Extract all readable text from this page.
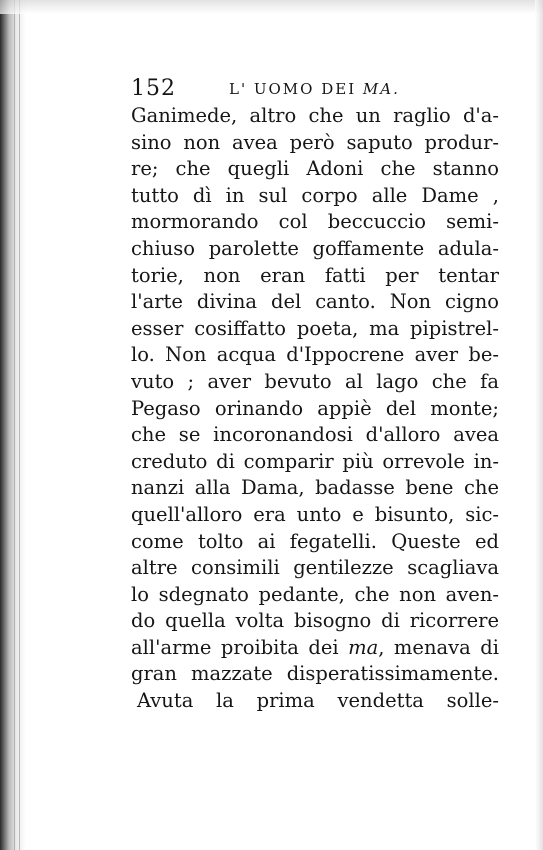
152	L' UOMO DEI MA.
Ganimede, altro che un raglio d'a-
sino non avea però saputo produr-
re; che quegli Adoni che stanno
tutto dì in sul corpo alle Dame ,
mormorando col beccuccio semi-
chiuso parolette goffamente adula-
torie, non eran fatti per tentar
l'arte divina del canto. Non cigno
esser cosiffatto poeta, ma pipistrel-
lo. Non acqua d'Ippocrene aver be-
vuto ; aver bevuto al lago che fa
Pegaso orinando appiè del monte;
che se incoronandosi d'alloro avea
creduto di comparir più orrevole in-
nanzi alla Dama, badasse bene che
quell'alloro era unto e bisunto, sic-
come tolto ai fegatelli. Queste ed
altre consimili gentilezze scagliava
lo sdegnato pedante, che non aven-
do quella volta bisogno di ricorrere
all'arme proibita dei ma, menava di
gran mazzate disperatissimamente.
Avuta la prima vendetta solle-
